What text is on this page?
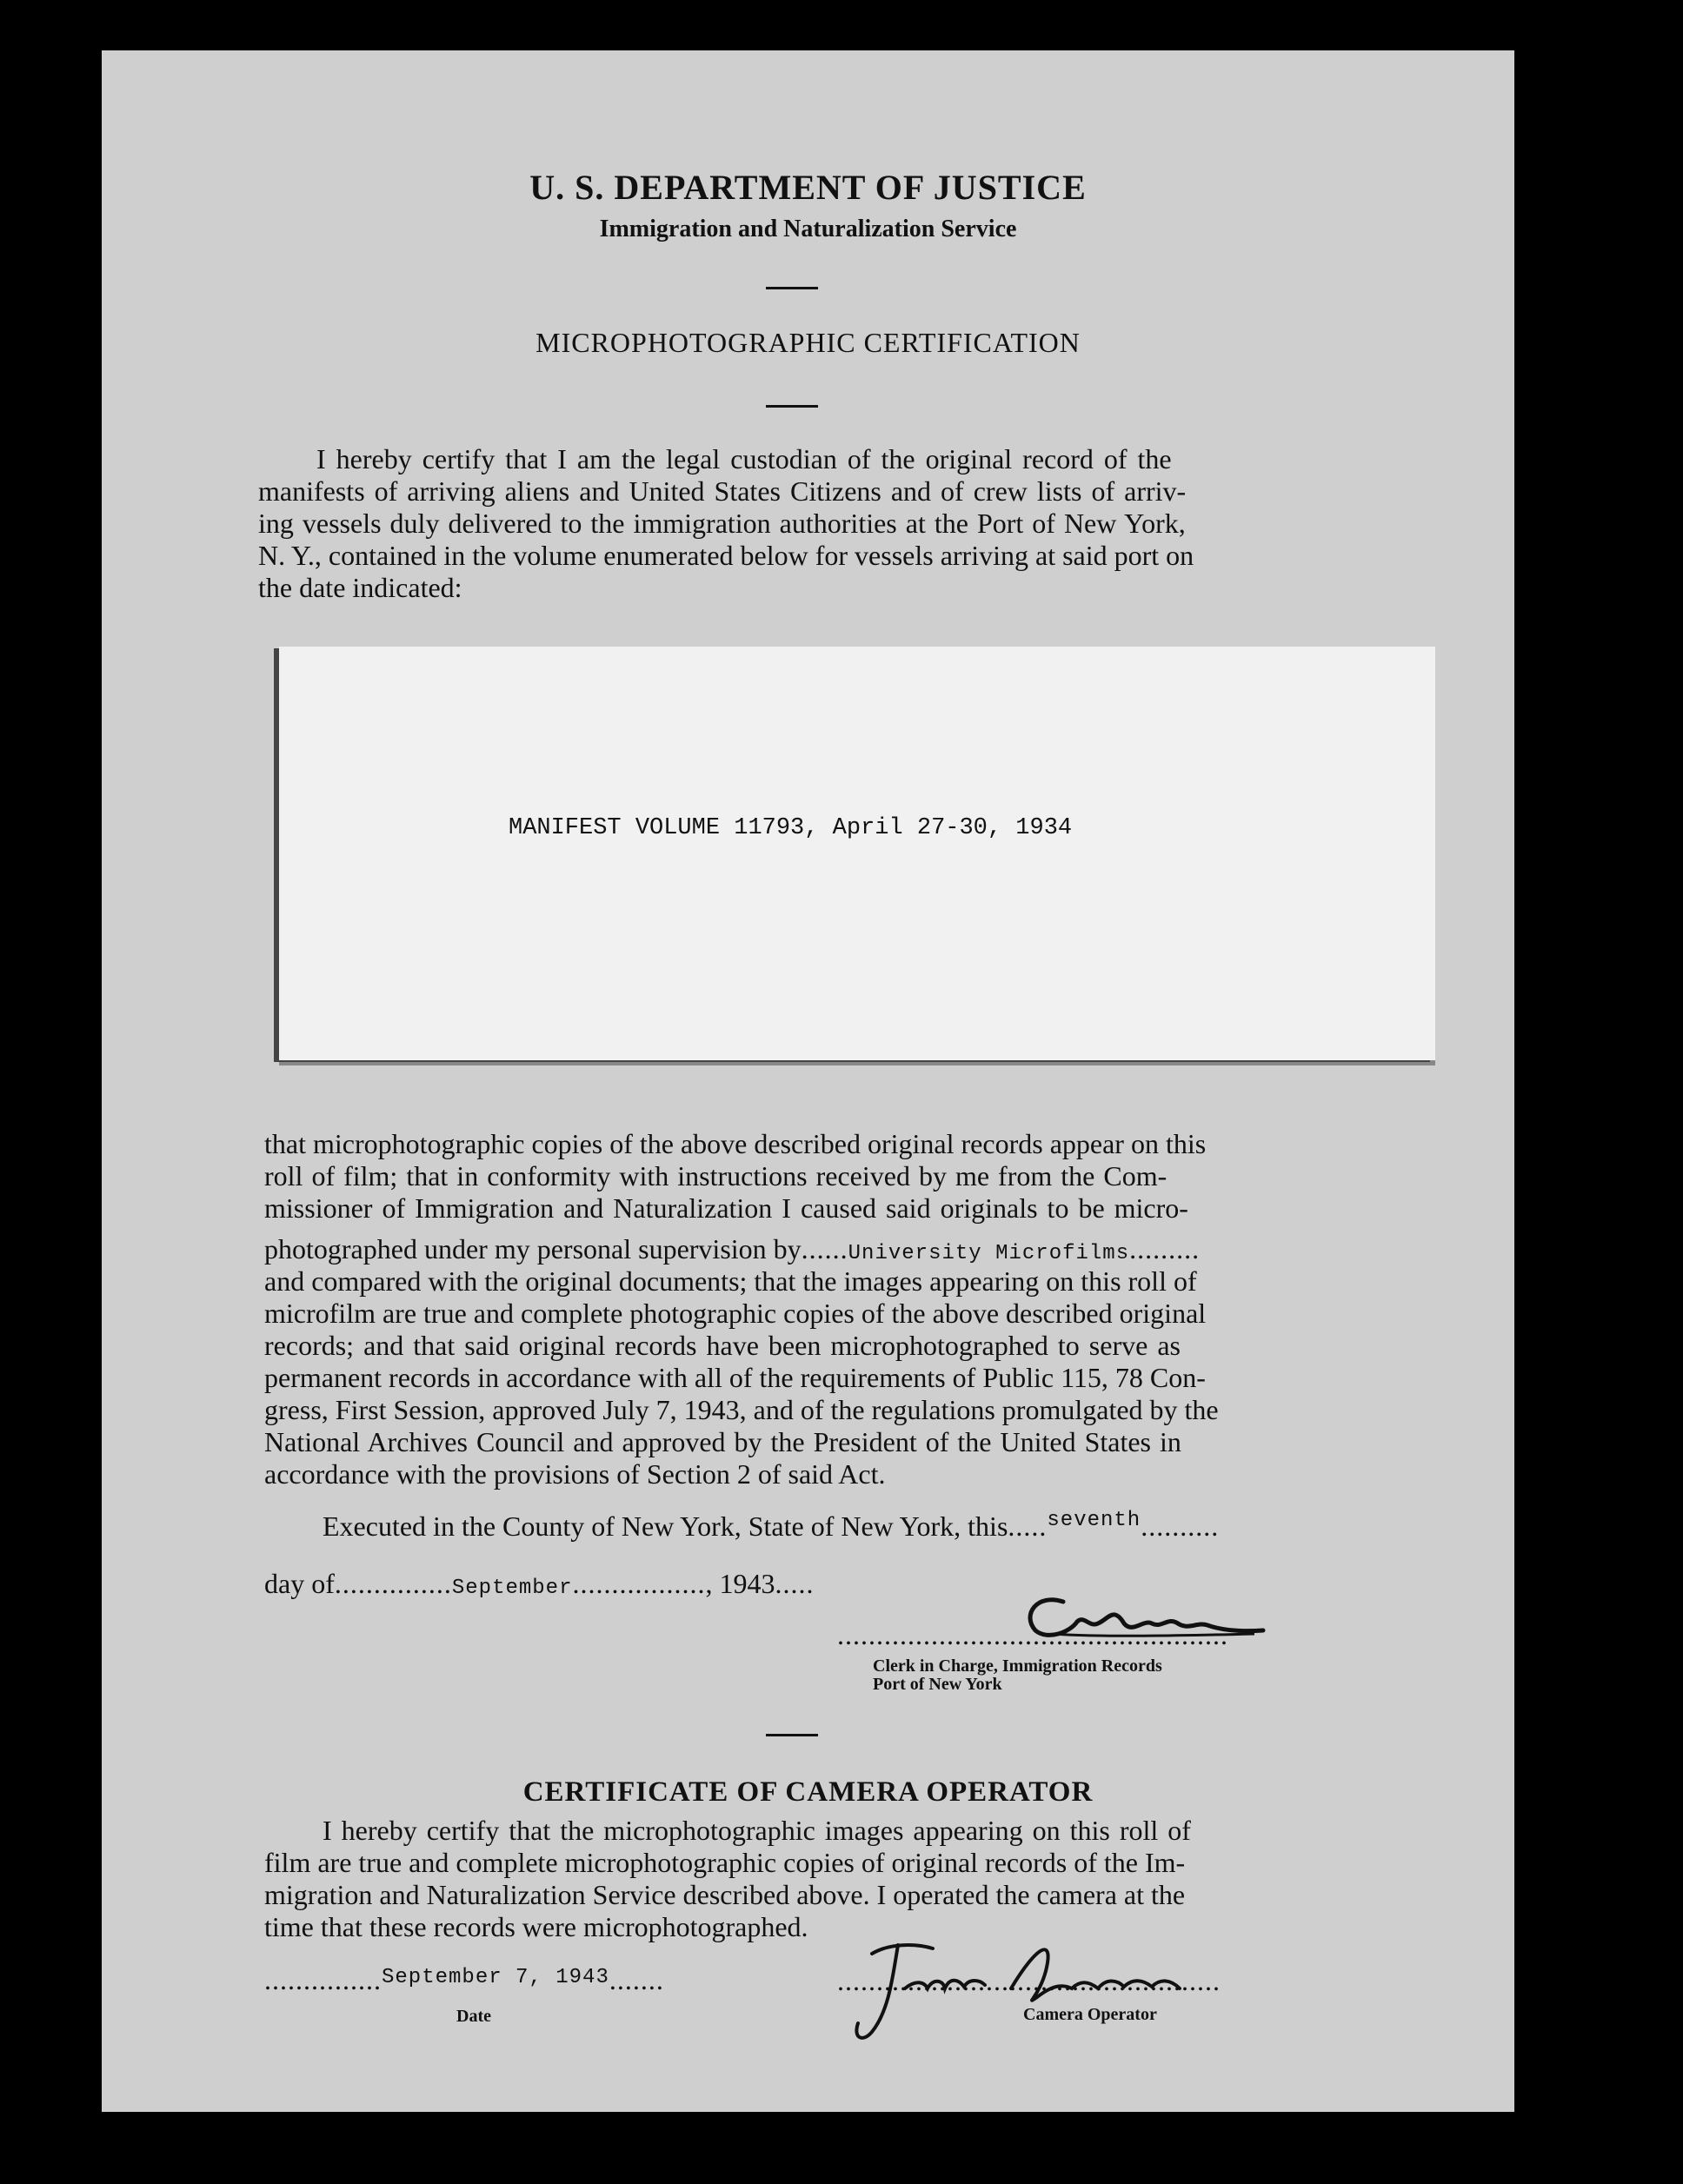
U. S. DEPARTMENT OF JUSTICE
Immigration and Naturalization Service
MICROPHOTOGRAPHIC CERTIFICATION
I hereby certify that I am the legal custodian of the original record of the
manifests of arriving aliens and United States Citizens and of crew lists of arriv-
ing vessels duly delivered to the immigration authorities at the Port of New York,
N. Y., contained in the volume enumerated below for vessels arriving at said port on
the date indicated:
MANIFEST VOLUME 11793, April 27-30, 1934
that microphotographic copies of the above described original records appear on this
roll of film; that in conformity with instructions received by me from the Com-
missioner of Immigration and Naturalization I caused said originals to be micro-
photographed under my personal supervision by......University Microfilms.........
and compared with the original documents; that the images appearing on this roll of
microfilm are true and complete photographic copies of the above described original
records; and that said original records have been microphotographed to serve as
permanent records in accordance with all of the requirements of Public 115, 78 Con-
gress, First Session, approved July 7, 1943, and of the regulations promulgated by the
National Archives Council and approved by the President of the United States in
accordance with the provisions of Section 2 of said Act.
Executed in the County of New York, State of New York, this.....$^{seventh}$..........
day of...............September................., 1943.....
..................................................
Clerk in Charge, Immigration Records
Port of New York
CERTIFICATE OF CAMERA OPERATOR
I hereby certify that the microphotographic images appearing on this roll of
film are true and complete microphotographic copies of original records of the Im-
migration and Naturalization Service described above. I operated the camera at the
time that these records were microphotographed.
...............$^{September 7, 1943}$.......
Date
.................................................
Camera Operator
